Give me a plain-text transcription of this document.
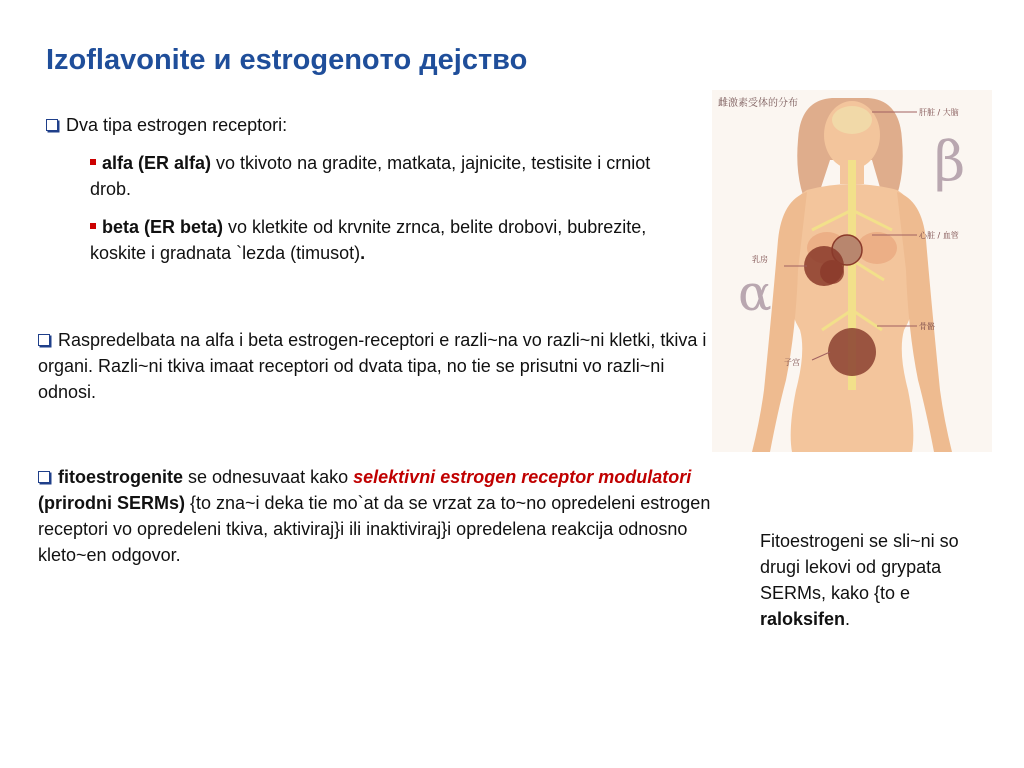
Izoflavonite и estrogenoто дејство
Dva tipa estrogen receptori:
alfa (ER alfa) vo tkivoto na gradite, matkata, jajnicite, testisite i crniot drob.
beta (ER beta) vo kletkite od krvnite zrnca, belite drobovi, bubrezite, koskite i gradnata `lezda (timusot).
Raspredelbata na alfa i beta estrogen-receptori e razli~na vo razli~ni kletki, tkiva i organi. Razli~ni tkiva imaat receptori od dvata tipa, no tie se prisutni vo razli~ni odnosi.
fitoestrogenite se odnesuvaat kako selektivni estrogen receptor modulatori (prirodni SERMs) {to zna~i deka tie mo`at da se vrzat za to~no opredeleni estrogen receptori vo opredeleni tkiva, aktiviraj}i ili inaktiviraj}i opredelena reakcija odnosno kleto~en odgovor.
雌激素受体的分布
肝脏 / 大脑
心脏 / 血管
乳房
骨骼
子宫
β
α
Fitoestrogeni se sli~ni so drugi lekovi od grypata SERMs, kako {to e raloksifen.
